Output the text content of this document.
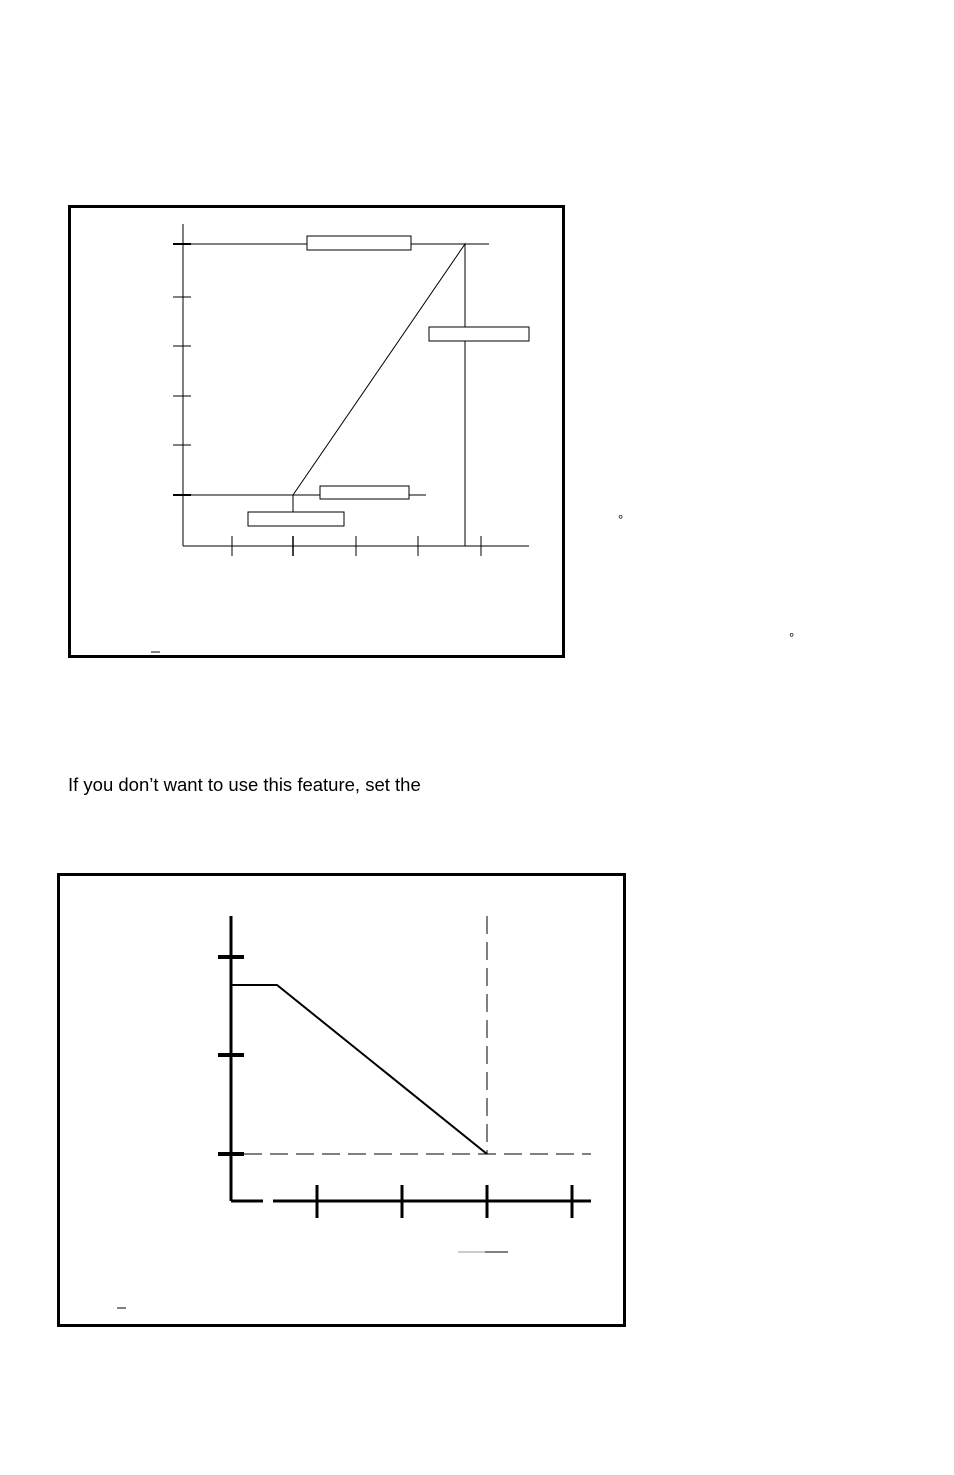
°
°

If you don’t want to use this feature, set the
